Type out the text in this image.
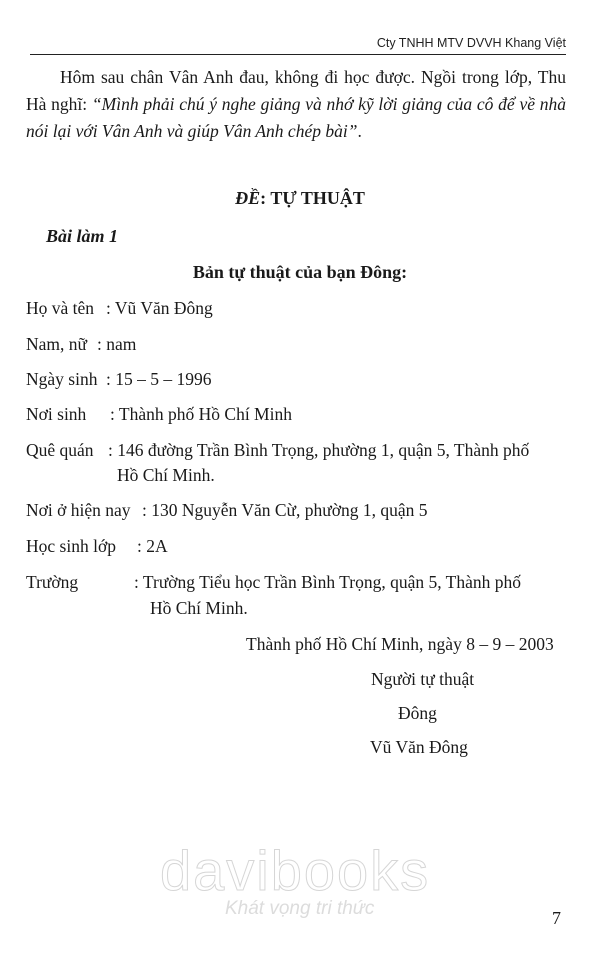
Cty TNHH MTV DVVH Khang Việt
Hôm sau chân Vân Anh đau, không đi học được. Ngồi trong lớp, Thu Hà nghĩ: “Mình phải chú ý nghe giảng và nhớ kỹ lời giảng của cô để về nhà nói lại với Vân Anh và giúp Vân Anh chép bài”.
ĐỀ: TỰ THUẬT
Bài làm 1
Bản tự thuật của bạn Đông:
Họ và tên : Vũ Văn Đông
Nam, nữ : nam
Ngày sinh : 15 – 5 – 1996
Nơi sinh : Thành phố Hồ Chí Minh
Quê quán : 146 đường Trần Bình Trọng, phường 1, quận 5, Thành phố
Hồ Chí Minh.
Nơi ở hiện nay : 130 Nguyễn Văn Cừ, phường 1, quận 5
Học sinh lớp : 2A
Trường	: Trường Tiểu học Trần Bình Trọng, quận 5, Thành phố
Hồ Chí Minh.
Thành phố Hồ Chí Minh, ngày 8 – 9 – 2003
Người tự thuật
Đông
Vũ Văn Đông
davibooks
Khát vọng tri thức	7
